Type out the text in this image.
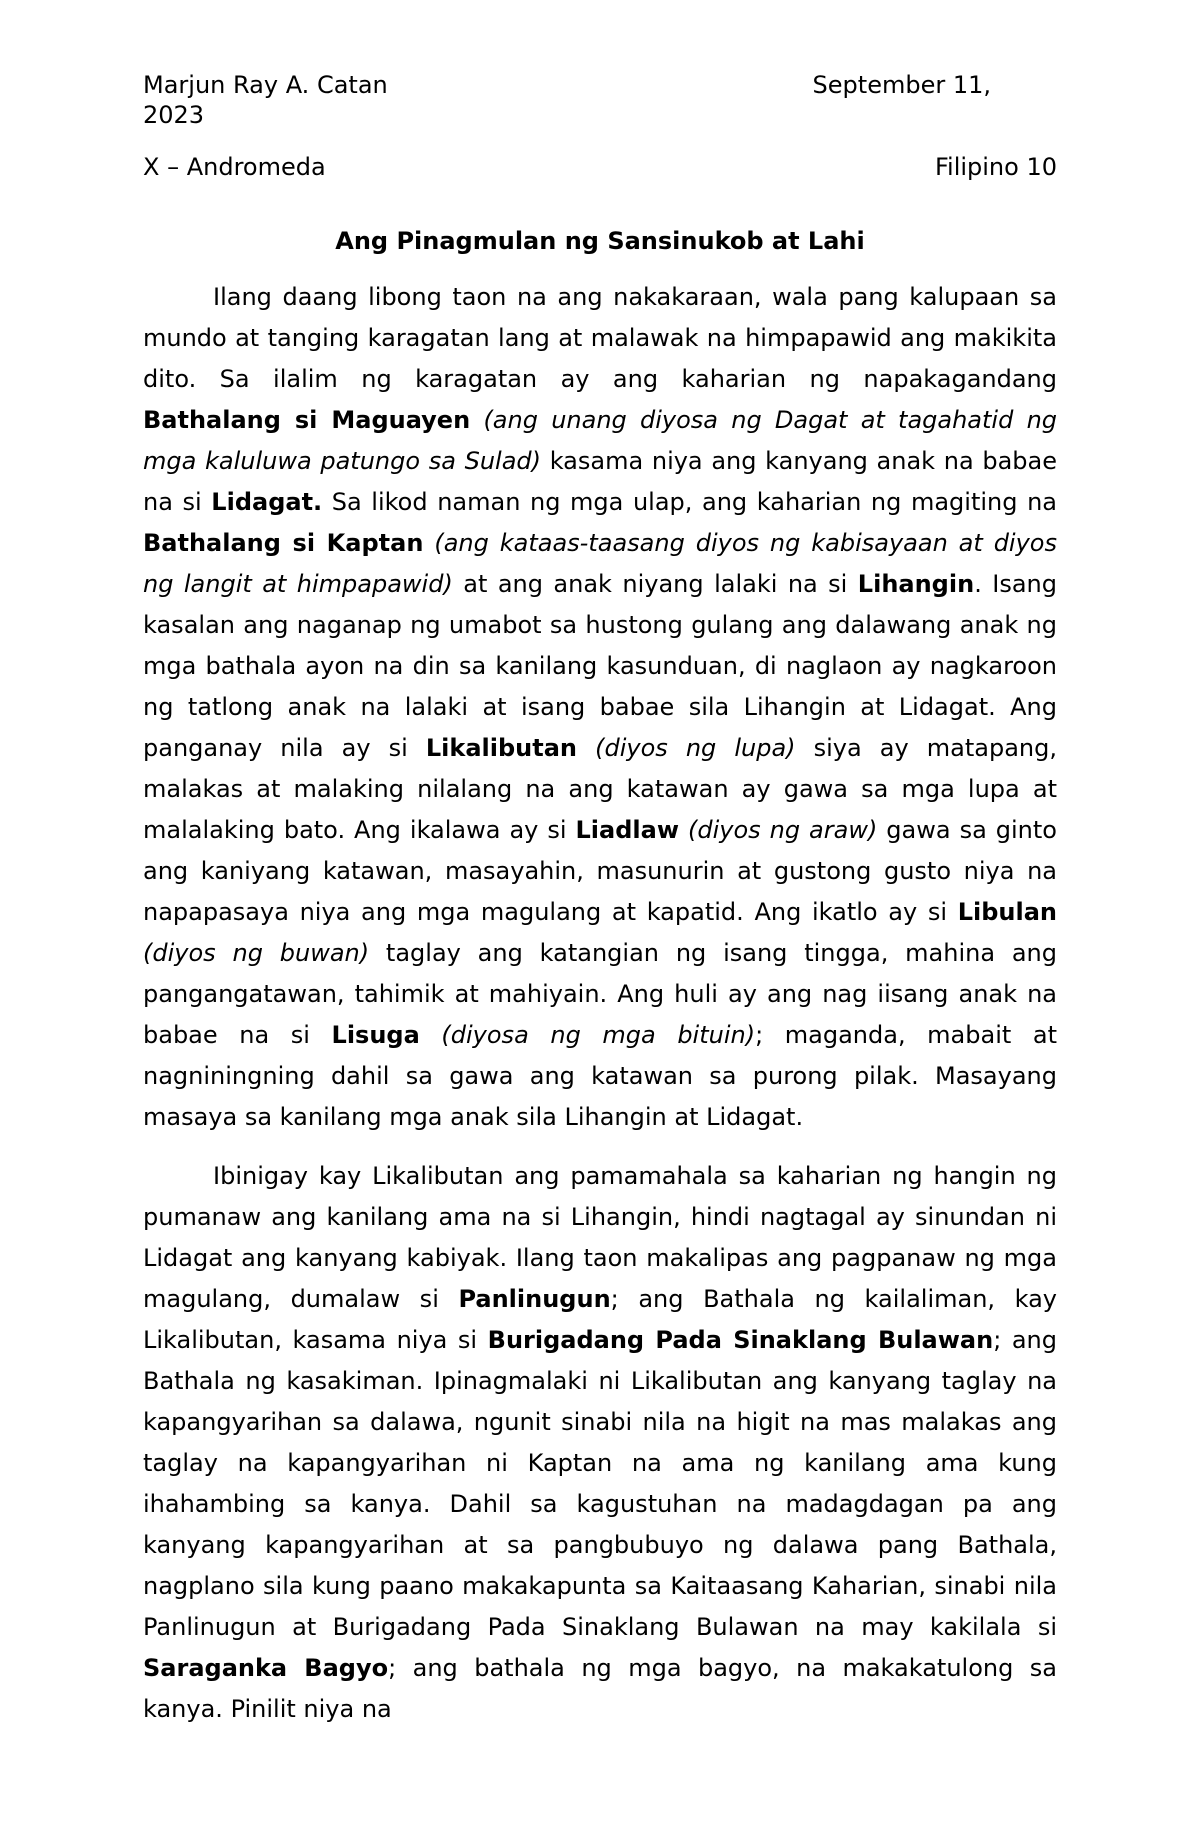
Marjun Ray A. Catan	September 11,
2023
X – Andromeda	Filipino 10
Ang Pinagmulan ng Sansinukob at Lahi

Ilang daang libong taon na ang nakakaraan, wala pang kalupaan sa mundo at tanging karagatan lang at malawak na himpapawid ang makikita dito. Sa ilalim ng karagatan ay ang kaharian ng napakagandang Bathalang si Maguayen (ang unang diyosa ng Dagat at tagahatid ng mga kaluluwa patungo sa Sulad) kasama niya ang kanyang anak na babae na si Lidagat. Sa likod naman ng mga ulap, ang kaharian ng magiting na Bathalang si Kaptan (ang kataas-taasang diyos ng kabisayaan at diyos ng langit at himpapawid) at ang anak niyang lalaki na si Lihangin. Isang kasalan ang naganap ng umabot sa hustong gulang ang dalawang anak ng mga bathala ayon na din sa kanilang kasunduan, di naglaon ay nagkaroon ng tatlong anak na lalaki at isang babae sila Lihangin at Lidagat. Ang panganay nila ay si Likalibutan (diyos ng lupa) siya ay matapang, malakas at malaking nilalang na ang katawan ay gawa sa mga lupa at malalaking bato. Ang ikalawa ay si Liadlaw (diyos ng araw) gawa sa ginto ang kaniyang katawan, masayahin, masunurin at gustong gusto niya na napapasaya niya ang mga magulang at kapatid. Ang ikatlo ay si Libulan (diyos ng buwan) taglay ang katangian ng isang tingga, mahina ang pangangatawan, tahimik at mahiyain. Ang huli ay ang nag iisang anak na babae na si Lisuga (diyosa ng mga bituin); maganda, mabait at nagniningning dahil sa gawa ang katawan sa purong pilak. Masayang masaya sa kanilang mga anak sila Lihangin at Lidagat.

Ibinigay kay Likalibutan ang pamamahala sa kaharian ng hangin ng pumanaw ang kanilang ama na si Lihangin, hindi nagtagal ay sinundan ni Lidagat ang kanyang kabiyak. Ilang taon makalipas ang pagpanaw ng mga magulang, dumalaw si Panlinugun; ang Bathala ng kailaliman, kay Likalibutan, kasama niya si Burigadang Pada Sinaklang Bulawan; ang Bathala ng kasakiman. Ipinagmalaki ni Likalibutan ang kanyang taglay na kapangyarihan sa dalawa, ngunit sinabi nila na higit na mas malakas ang taglay na kapangyarihan ni Kaptan na ama ng kanilang ama kung ihahambing sa kanya. Dahil sa kagustuhan na madagdagan pa ang kanyang kapangyarihan at sa pangbubuyo ng dalawa pang Bathala, nagplano sila kung paano makakapunta sa Kaitaasang Kaharian, sinabi nila Panlinugun at Burigadang Pada Sinaklang Bulawan na may kakilala si Saraganka Bagyo; ang bathala ng mga bagyo, na makakatulong sa kanya. Pinilit niya na
